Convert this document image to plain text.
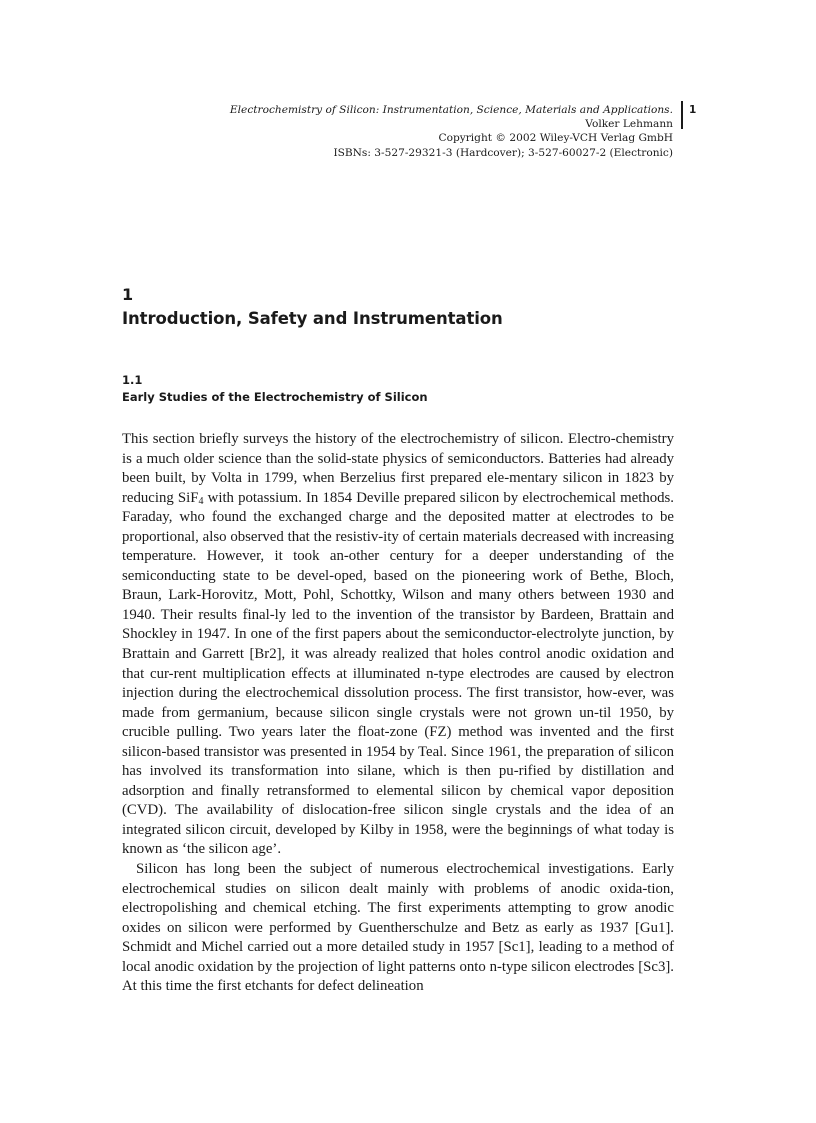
Electrochemistry of Silicon: Instrumentation, Science, Materials and Applications.
Volker Lehmann
Copyright © 2002 Wiley-VCH Verlag GmbH
ISBNs: 3-527-29321-3 (Hardcover); 3-527-60027-2 (Electronic)
1
1
Introduction, Safety and Instrumentation
1.1
Early Studies of the Electrochemistry of Silicon

This section briefly surveys the history of the electrochemistry of silicon. Electro-chemistry is a much older science than the solid-state physics of semiconductors. Batteries had already been built, by Volta in 1799, when Berzelius first prepared ele-mentary silicon in 1823 by reducing SiF$_4$ with potassium. In 1854 Deville prepared silicon by electrochemical methods. Faraday, who found the exchanged charge and the deposited matter at electrodes to be proportional, also observed that the resistiv-ity of certain materials decreased with increasing temperature. However, it took an-other century for a deeper understanding of the semiconducting state to be devel-oped, based on the pioneering work of Bethe, Bloch, Braun, Lark-Horovitz, Mott, Pohl, Schottky, Wilson and many others between 1930 and 1940. Their results final-ly led to the invention of the transistor by Bardeen, Brattain and Shockley in 1947. In one of the first papers about the semiconductor-electrolyte junction, by Brattain and Garrett [Br2], it was already realized that holes control anodic oxidation and that cur-rent multiplication effects at illuminated n-type electrodes are caused by electron injection during the electrochemical dissolution process. The first transistor, how-ever, was made from germanium, because silicon single crystals were not grown un-til 1950, by crucible pulling. Two years later the float-zone (FZ) method was invented and the first silicon-based transistor was presented in 1954 by Teal. Since 1961, the preparation of silicon has involved its transformation into silane, which is then pu-rified by distillation and adsorption and finally retransformed to elemental silicon by chemical vapor deposition (CVD). The availability of dislocation-free silicon single crystals and the idea of an integrated silicon circuit, developed by Kilby in 1958, were the beginnings of what today is known as ‘the silicon age’.

Silicon has long been the subject of numerous electrochemical investigations. Early electrochemical studies on silicon dealt mainly with problems of anodic oxida-tion, electropolishing and chemical etching. The first experiments attempting to grow anodic oxides on silicon were performed by Guentherschulze and Betz as early as 1937 [Gu1]. Schmidt and Michel carried out a more detailed study in 1957 [Sc1], leading to a method of local anodic oxidation by the projection of light patterns onto n-type silicon electrodes [Sc3]. At this time the first etchants for defect delineation
